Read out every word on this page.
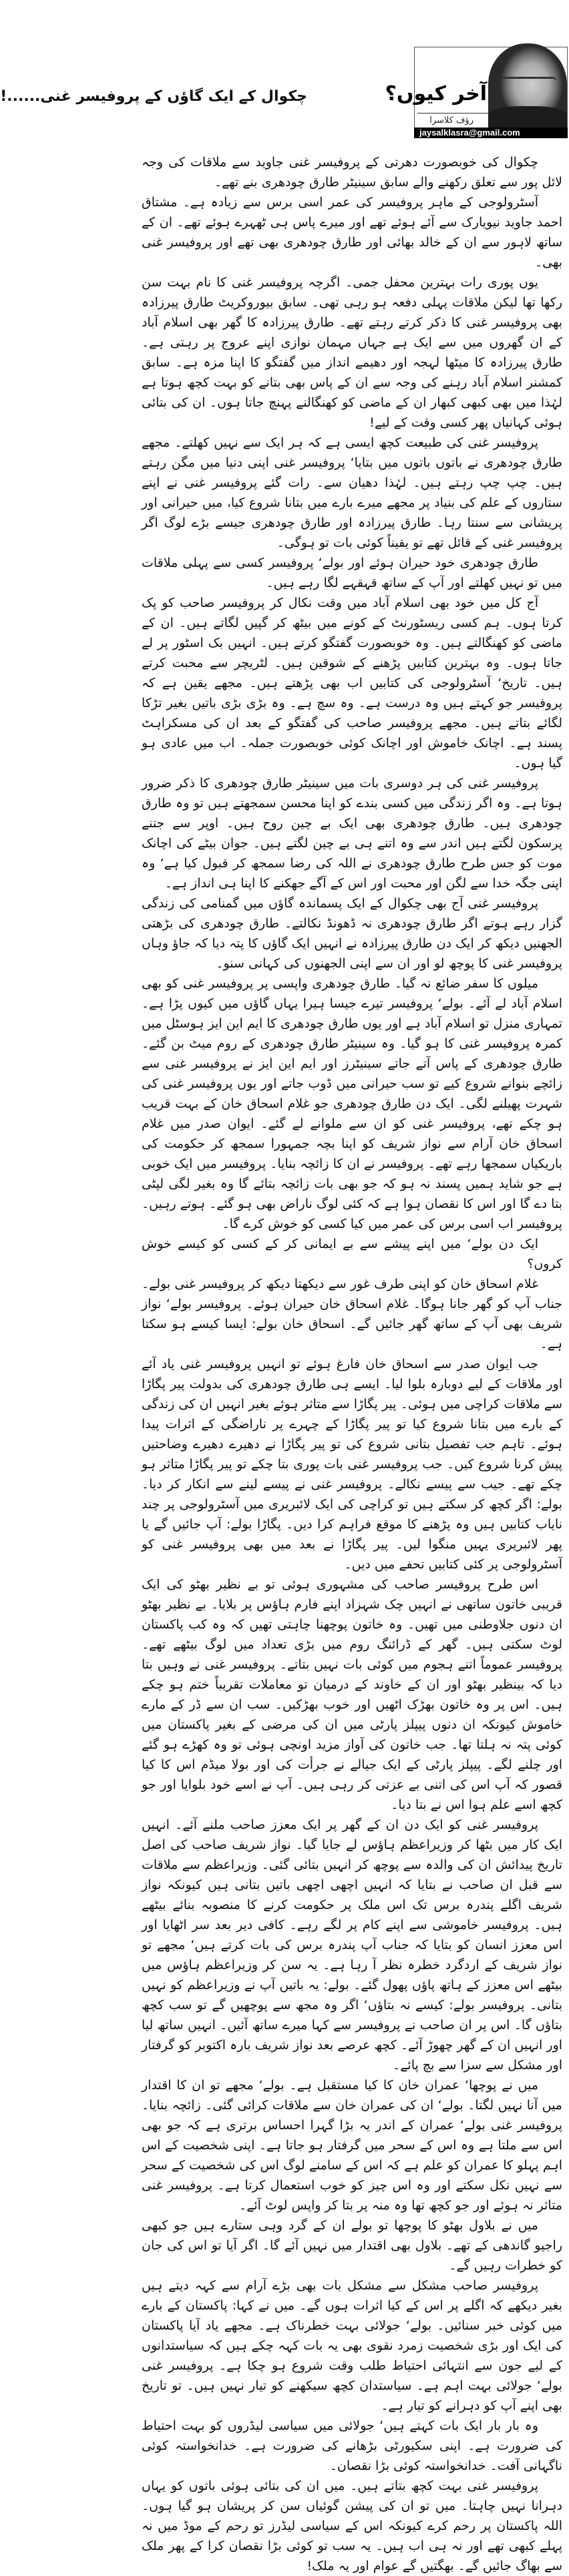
آخر کیوں؟
رؤف کلاسرا
jaysalklasra@gmail.com
چکوال کے ایک گاؤں کے پروفیسر غنی......!

چکوال کی خوبصورت دھرتی کے پروفیسر غنی جاوید سے ملاقات کی وجہ لائل پور سے تعلق رکھنے والے سابق سینیٹر طارق چودھری بنے تھے۔

آسٹرولوجی کے ماہر پروفیسر کی عمر اسی برس سے زیادہ ہے۔ مشتاق احمد جاوید نیویارک سے آئے ہوئے تھے اور میرے پاس ہی ٹھہرے ہوئے تھے۔ ان کے ساتھ لاہور سے ان کے خالد بھائی اور طارق چودھری بھی تھے اور پروفیسر غنی بھی۔

یوں پوری رات بہترین محفل جمی۔ اگرچہ پروفیسر غنی کا نام بہت سن رکھا تھا لیکن ملاقات پہلی دفعہ ہو رہی تھی۔ سابق بیوروکریٹ طارق پیرزادہ بھی پروفیسر غنی کا ذکر کرتے رہتے تھے۔ طارق پیرزادہ کا گھر بھی اسلام آباد کے ان گھروں میں سے ایک ہے جہاں مہمان نوازی اپنے عروج پر رہتی ہے۔ طارق پیرزادہ کا میٹھا لہجہ اور دھیمے انداز میں گفتگو کا اپنا مزہ ہے۔ سابق کمشنر اسلام آباد رہنے کی وجہ سے ان کے پاس بھی بتانے کو بہت کچھ ہوتا ہے لہٰذا میں بھی کبھی کبھار ان کے ماضی کو کھنگالنے پہنچ جاتا ہوں۔ ان کی بتائی ہوئی کہانیاں پھر کسی وقت کے لیے!

پروفیسر غنی کی طبیعت کچھ ایسی ہے کہ ہر ایک سے نہیں کھلتے۔ مجھے طارق چودھری نے باتوں باتوں میں بتایا‘ پروفیسر غنی اپنی دنیا میں مگن رہتے ہیں۔ چپ چپ رہتے ہیں۔ لہٰذا دھیان سے۔ رات گئے پروفیسر غنی نے اپنے ستاروں کے علم کی بنیاد پر مجھے میرے بارے میں بتانا شروع کیا، میں حیرانی اور پریشانی سے سنتا رہا۔ طارق پیرزادہ اور طارق چودھری جیسے بڑے لوگ اگر پروفیسر غنی کے قائل تھے تو یقیناً کوئی بات تو ہوگی۔

طارق چودھری خود حیران ہوئے اور بولے‘ پروفیسر کسی سے پہلی ملاقات میں تو نہیں کھلتے اور آپ کے ساتھ قہقہے لگا رہے ہیں۔

آج کل میں خود بھی اسلام آباد میں وقت نکال کر پروفیسر صاحب کو پک کرتا ہوں۔ ہم کسی ریسٹورنٹ کے کونے میں بیٹھ کر گپیں لگاتے ہیں۔ ان کے ماضی کو کھنگالتے ہیں۔ وہ خوبصورت گفتگو کرتے ہیں۔ انہیں بک اسٹور پر لے جاتا ہوں۔ وہ بہترین کتابیں پڑھنے کے شوقین ہیں۔ لٹریچر سے محبت کرتے ہیں۔ تاریخ‘ آسٹرولوجی کی کتابیں اب بھی پڑھتے ہیں۔ مجھے یقین ہے کہ پروفیسر جو کہتے ہیں وہ درست ہے۔ وہ سچ ہے۔ وہ بڑی بڑی باتیں بغیر تڑکا لگائے بتاتے ہیں۔ مجھے پروفیسر صاحب کی گفتگو کے بعد ان کی مسکراہٹ پسند ہے۔ اچانک خاموش اور اچانک کوئی خوبصورت جملہ۔ اب میں عادی ہو گیا ہوں۔

پروفیسر غنی کی ہر دوسری بات میں سینیٹر طارق چودھری کا ذکر ضرور ہوتا ہے۔ وہ اگر زندگی میں کسی بندے کو اپنا محسن سمجھتے ہیں تو وہ طارق چودھری ہیں۔ طارق چودھری بھی ایک بے چین روح ہیں۔ اوپر سے جتنے پرسکون لگتے ہیں اندر سے وہ اتنے ہی بے چین لگتے ہیں۔ جوان بیٹے کی اچانک موت کو جس طرح طارق چودھری نے اللہ کی رضا سمجھ کر قبول کیا ہے‘ وہ اپنی جگہ خدا سے لگن اور محبت اور اس کے آگے جھکنے کا اپنا ہی انداز ہے۔

پروفیسر غنی آج بھی چکوال کے ایک پسماندہ گاؤں میں گمنامی کی زندگی گزار رہے ہوتے اگر طارق چودھری نہ ڈھونڈ نکالتے۔ طارق چودھری کی بڑھتی الجھنیں دیکھ کر ایک دن طارق پیرزادہ نے انہیں ایک گاؤں کا پتہ دیا کہ جاؤ وہاں پروفیسر غنی کا پوچھ لو اور ان سے اپنی الجھنوں کی کہانی سنو۔

میلوں کا سفر ضائع نہ گیا۔ طارق چودھری واپسی پر پروفیسر غنی کو بھی اسلام آباد لے آئے۔ بولے‘ پروفیسر تیرے جیسا ہیرا یہاں گاؤں میں کیوں پڑا ہے۔ تمہاری منزل تو اسلام آباد ہے اور یوں طارق چودھری کا ایم این ایز ہوسٹل میں کمرہ پروفیسر غنی کا ہو گیا۔ وہ سینیٹر طارق چودھری کے روم میٹ بن گئے۔ طارق چودھری کے پاس آتے جاتے سینیٹرز اور ایم این ایز نے پروفیسر غنی سے زائچے بنوانے شروع کیے تو سب حیرانی میں ڈوب جاتے اور یوں پروفیسر غنی کی شہرت پھیلنے لگی۔ ایک دن طارق چودھری جو غلام اسحاق خان کے بہت قریب ہو چکے تھے، پروفیسر غنی کو ان سے ملوانے لے گئے۔ ایوان صدر میں غلام اسحاق خان آرام سے نواز شریف کو اپنا بچہ جمہورا سمجھ کر حکومت کی باریکیاں سمجھا رہے تھے۔ پروفیسر نے ان کا زائچہ بنایا۔ پروفیسر میں ایک خوبی ہے جو شاید ہمیں پسند نہ ہو کہ جو بھی بات زائچہ بتائے گا وہ بغیر لگی لپٹی بتا دے گا اور اس کا نقصان ہوا ہے کہ کئی لوگ ناراض بھی ہو گئے۔ ہوتے رہیں۔ پروفیسر اب اسی برس کی عمر میں کیا کسی کو خوش کرے گا۔

ایک دن بولے‘ میں اپنے پیشے سے بے ایمانی کر کے کسی کو کیسے خوش کروں؟

غلام اسحاق خان کو اپنی طرف غور سے دیکھتا دیکھ کر پروفیسر غنی بولے۔ جناب آپ کو گھر جانا ہوگا۔ غلام اسحاق خان حیران ہوئے۔ پروفیسر بولے‘ نواز شریف بھی آپ کے ساتھ گھر جائیں گے۔ اسحاق خان بولے: ایسا کیسے ہو سکتا ہے۔

جب ایوان صدر سے اسحاق خان فارغ ہوئے تو انہیں پروفیسر غنی یاد آئے اور ملاقات کے لیے دوبارہ بلوا لیا۔ ایسے ہی طارق چودھری کی بدولت پیر پگاڑا سے ملاقات کراچی میں ہوئی۔ پیر پگاڑا سے متاثر ہوئے بغیر انہیں ان کی زندگی کے بارے میں بتانا شروع کیا تو پیر پگاڑا کے چہرے پر ناراضگی کے اثرات پیدا ہوئے۔ تاہم جب تفصیل بتانی شروع کی تو پیر پگاڑا نے دھیرے دھیرے وضاحتیں پیش کرنا شروع کیں۔ جب پروفیسر غنی بات پوری بتا چکے تو پیر پگاڑا متاثر ہو چکے تھے۔ جیب سے پیسے نکالے۔ پروفیسر غنی نے پیسے لینے سے انکار کر دیا۔ بولے: اگر کچھ کر سکتے ہیں تو کراچی کی ایک لائبریری میں آسٹرولوجی پر چند نایاب کتابیں ہیں وہ پڑھنے کا موقع فراہم کرا دیں۔ پگاڑا بولے: آپ جائیں گے یا پھر لائبریری یہیں منگوا لیں۔ پیر پگاڑا نے بعد میں بھی پروفیسر غنی کو آسٹرولوجی پر کئی کتابیں تحفے میں دیں۔

اس طرح پروفیسر صاحب کی مشہوری ہوئی تو بے نظیر بھٹو کی ایک قریبی خاتون ساتھی نے انہیں چک شہزاد اپنے فارم ہاؤس پر بلایا۔ بے نظیر بھٹو ان دنوں جلاوطنی میں تھیں۔ وہ خاتون پوچھنا چاہتی تھیں کہ وہ کب پاکستان لوٹ سکتی ہیں۔ گھر کے ڈرائنگ روم میں بڑی تعداد میں لوگ بیٹھے تھے۔ پروفیسر عموماً اتنے ہجوم میں کوئی بات نہیں بتاتے۔ پروفیسر غنی نے وہیں بتا دیا کہ بینظیر بھٹو اور ان کے خاوند کے درمیان تو معاملات تقریباً ختم ہو چکے ہیں۔ اس پر وہ خاتون بھڑک اٹھیں اور خوب بھڑکیں۔ سب ان سے ڈر کے مارے خاموش کیونکہ ان دنوں پیپلز پارٹی میں ان کی مرضی کے بغیر پاکستان میں کوئی پتہ نہ ہلتا تھا۔ جب خاتون کی آواز مزید اونچی ہوئی تو وہ کھڑے ہو گئے اور چلنے لگے۔ پیپلز پارٹی کے ایک جیالے نے جرأت کی اور بولا میڈم اس کا کیا قصور کہ آپ اس کی اتنی بے عزتی کر رہی ہیں۔ آپ نے اسے خود بلوایا اور جو کچھ اسے علم ہوا اس نے بتا دیا۔

پروفیسر غنی کو ایک دن ان کے گھر پر ایک معزز صاحب ملنے آئے۔ انہیں ایک کار میں بٹھا کر وزیراعظم ہاؤس لے جایا گیا۔ نواز شریف صاحب کی اصل تاریخ پیدائش ان کی والدہ سے پوچھ کر انہیں بتائی گئی۔ وزیراعظم سے ملاقات سے قبل ان صاحب نے بتایا کہ انہیں اچھی اچھی باتیں بتانی ہیں کیونکہ نواز شریف اگلے پندرہ برس تک اس ملک پر حکومت کرنے کا منصوبہ بنائے بیٹھے ہیں۔ پروفیسر خاموشی سے اپنے کام پر لگے رہے۔ کافی دیر بعد سر اٹھایا اور اس معزز انسان کو بتایا کہ جناب آپ پندرہ برس کی بات کرتے ہیں‘ مجھے تو نواز شریف کے اردگرد خطرہ نظر آ رہا ہے۔ یہ سن کر وزیراعظم ہاؤس میں بیٹھے اس معزز کے ہاتھ پاؤں پھول گئے۔ بولے: یہ باتیں آپ نے وزیراعظم کو نہیں بتانی۔ پروفیسر بولے: کیسے نہ بتاؤں‘ اگر وہ مجھ سے پوچھیں گے تو سب کچھ بتاؤں گا۔ اس پر ان صاحب نے پروفیسر سے کہا میرے ساتھ آئیں۔ انہیں ساتھ لیا اور انہیں ان کے گھر چھوڑ آئے۔ کچھ عرصے بعد نواز شریف بارہ اکتوبر کو گرفتار اور مشکل سے سزا سے بچ پائے۔

میں نے پوچھا‘ عمران خان کا کیا مستقبل ہے۔ بولے‘ مجھے تو ان کا اقتدار میں آنا نہیں لگتا۔ بولے‘ ان کی عمران خان سے ملاقات کرائی گئی۔ زائچہ بنایا۔ پروفیسر غنی بولے‘ عمران کے اندر یہ بڑا گہرا احساس برتری ہے کہ جو بھی اس سے ملتا ہے وہ اس کے سحر میں گرفتار ہو جاتا ہے۔ اپنی شخصیت کے اس اہم پہلو کا عمران کو علم ہے کہ اس کے سامنے لوگ اس کی شخصیت کے سحر سے نہیں نکل سکتے اور وہ اس چیز کو خوب استعمال کرتا ہے۔ پروفیسر غنی متاثر نہ ہوئے اور جو کچھ تھا وہ منہ پر بتا کر واپس لوٹ آئے۔

میں نے بلاول بھٹو کا پوچھا تو بولے ان کے گرد وہی ستارے ہیں جو کبھی راجیو گاندھی کے تھے۔ بلاول بھی اقتدار میں نہیں آئے گا۔ اگر آیا تو اس کی جان کو خطرات رہیں گے۔

پروفیسر صاحب مشکل سے مشکل بات بھی بڑے آرام سے کہہ دیتے ہیں بغیر دیکھے کہ اگلے پر اس کے کیا اثرات ہوں گے۔ میں نے کہا: پاکستان کے بارے میں کوئی خبر سنائیں۔ بولے‘ جولائی بہت خطرناک ہے۔ مجھے یاد آیا پاکستان کی ایک اور بڑی شخصیت زمرد نقوی بھی یہ بات کہہ چکے ہیں کہ سیاستدانوں کے لیے جون سے انتہائی احتیاط طلب وقت شروع ہو چکا ہے۔ پروفیسر غنی بولے‘ جولائی بہت اہم ہے۔ سیاستدان کچھ سیکھنے کو تیار نہیں ہیں۔ تو تاریخ بھی اپنے آپ کو دہرانے کو تیار ہے۔

وہ بار بار ایک بات کہتے ہیں‘ جولائی میں سیاسی لیڈروں کو بہت احتیاط کی ضرورت ہے۔ اپنی سکیورٹی بڑھانے کی ضرورت ہے۔ خدانخواستہ کوئی ناگہانی آفت۔ خدانخواستہ کوئی بڑا نقصان۔

پروفیسر غنی بہت کچھ بتاتے ہیں۔ میں ان کی بتائی ہوئی باتوں کو یہاں دہرانا نہیں چاہتا۔ میں تو ان کی پیشن گوئیاں سن کر پریشان ہو گیا ہوں۔ اللہ پاکستان پر رحم کرے کیونکہ اس کے سیاسی لیڈرز تو رحم کے موڈ میں نہ پہلے کبھی تھے اور نہ ہی اب ہیں۔ یہ سب تو کوئی بڑا نقصان کرا کے پھر ملک سے بھاگ جائیں گے۔ بھگتیں گے عوام اور یہ ملک!
